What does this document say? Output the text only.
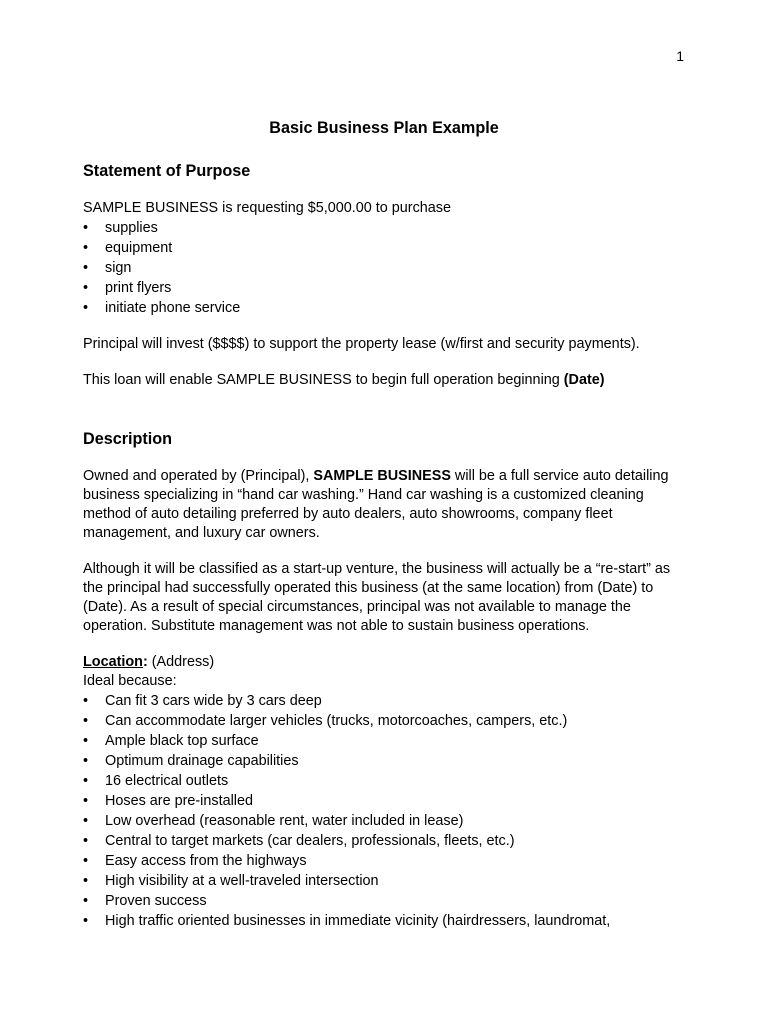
1
Basic Business Plan Example
Statement of Purpose

SAMPLE BUSINESS is requesting $5,000.00 to purchase

•	supplies
•	equipment
•	sign
•	print flyers
•	initiate phone service

Principal will invest ($$$$) to support the property lease (w/first and security payments).

This loan will enable SAMPLE BUSINESS to begin full operation beginning (Date)

Description

Owned and operated by (Principal), SAMPLE BUSINESS will be a full service auto detailing business specializing in “hand car washing.” Hand car washing is a customized cleaning method of auto detailing preferred by auto dealers, auto showrooms, company fleet management, and luxury car owners.

Although it will be classified as a start-up venture, the business will actually be a “re-start” as the principal had successfully operated this business (at the same location) from (Date) to (Date). As a result of special circumstances, principal was not available to manage the operation. Substitute management was not able to sustain business operations.

Location: (Address)

Ideal because:

•	Can fit 3 cars wide by 3 cars deep
•	Can accommodate larger vehicles (trucks, motorcoaches, campers, etc.)
•	Ample black top surface
•	Optimum drainage capabilities
•	16 electrical outlets
•	Hoses are pre-installed
•	Low overhead (reasonable rent, water included in lease)
•	Central to target markets (car dealers, professionals, fleets, etc.)
•	Easy access from the highways
•	High visibility at a well-traveled intersection
•	Proven success
•	High traffic oriented businesses in immediate vicinity (hairdressers, laundromat,
